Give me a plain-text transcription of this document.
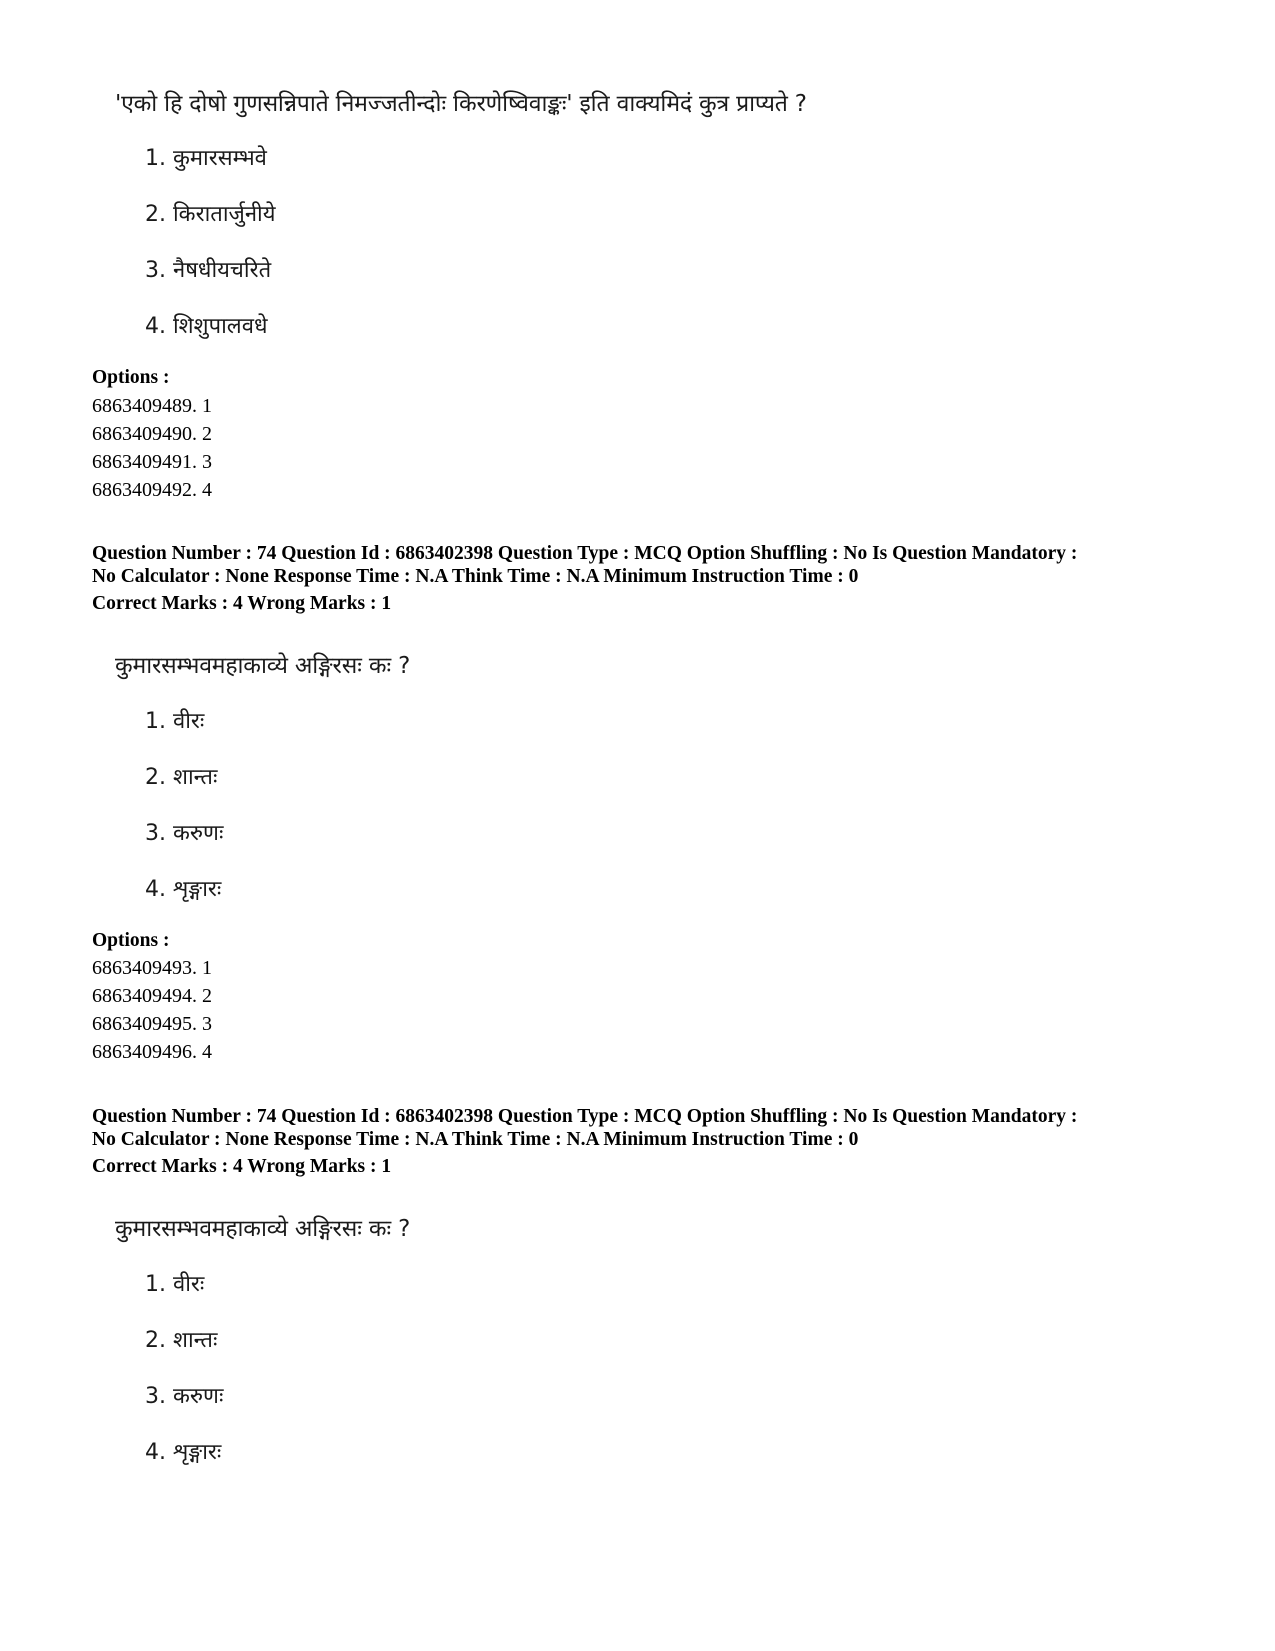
'एको हि दोषो गुणसन्निपाते निमज्जतीन्दोः किरणेष्विवाङ्कः' इति वाक्यमिदं कुत्र प्राप्यते ?
1. कुमारसम्भवे
2. किरातार्जुनीये
3. नैषधीयचरिते
4. शिशुपालवधे
Options :
6863409489. 1
6863409490. 2
6863409491. 3
6863409492. 4
Question Number : 74 Question Id : 6863402398 Question Type : MCQ Option Shuffling : No Is Question Mandatory :
No Calculator : None Response Time : N.A Think Time : N.A Minimum Instruction Time : 0
Correct Marks : 4 Wrong Marks : 1
कुमारसम्भवमहाकाव्ये अङ्गिरसः कः ?
1. वीरः
2. शान्तः
3. करुणः
4. शृङ्गारः
Options :
6863409493. 1
6863409494. 2
6863409495. 3
6863409496. 4
Question Number : 74 Question Id : 6863402398 Question Type : MCQ Option Shuffling : No Is Question Mandatory :
No Calculator : None Response Time : N.A Think Time : N.A Minimum Instruction Time : 0
Correct Marks : 4 Wrong Marks : 1
कुमारसम्भवमहाकाव्ये अङ्गिरसः कः ?
1. वीरः
2. शान्तः
3. करुणः
4. शृङ्गारः
